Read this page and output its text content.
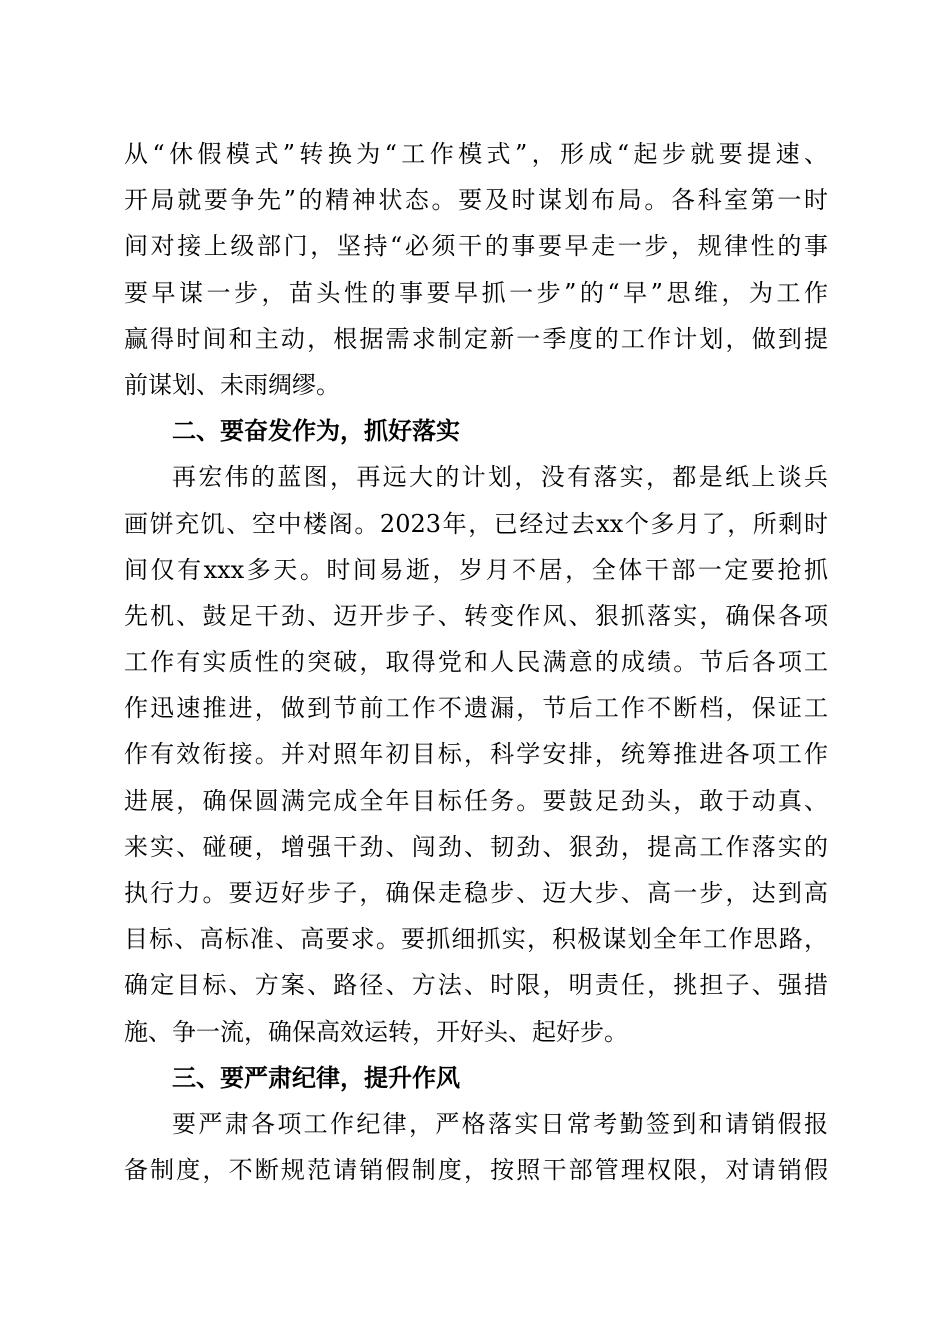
从“休假模式”转换为“工作模式”，形成“起步就要提速、
开局就要争先”的精神状态。要及时谋划布局。各科室第一时
间对接上级部门，坚持“必须干的事要早走一步，规律性的事
要早谋一步，苗头性的事要早抓一步”的“早”思维，为工作
赢得时间和主动，根据需求制定新一季度的工作计划，做到提
前谋划、未雨绸缪。
二、要奋发作为，抓好落实
再宏伟的蓝图，再远大的计划，没有落实，都是纸上谈兵
画饼充饥、空中楼阁。2023年，已经过去xx个多月了，所剩时
间仅有xxx多天。时间易逝，岁月不居，全体干部一定要抢抓
先机、鼓足干劲、迈开步子、转变作风、狠抓落实，确保各项
工作有实质性的突破，取得党和人民满意的成绩。节后各项工
作迅速推进，做到节前工作不遗漏，节后工作不断档，保证工
作有效衔接。并对照年初目标，科学安排，统筹推进各项工作
进展，确保圆满完成全年目标任务。要鼓足劲头，敢于动真、
来实、碰硬，增强干劲、闯劲、韧劲、狠劲，提高工作落实的
执行力。要迈好步子，确保走稳步、迈大步、高一步，达到高
目标、高标准、高要求。要抓细抓实，积极谋划全年工作思路，
确定目标、方案、路径、方法、时限，明责任，挑担子、强措
施、争一流，确保高效运转，开好头、起好步。
三、要严肃纪律，提升作风
要严肃各项工作纪律，严格落实日常考勤签到和请销假报
备制度，不断规范请销假制度，按照干部管理权限，对请销假
